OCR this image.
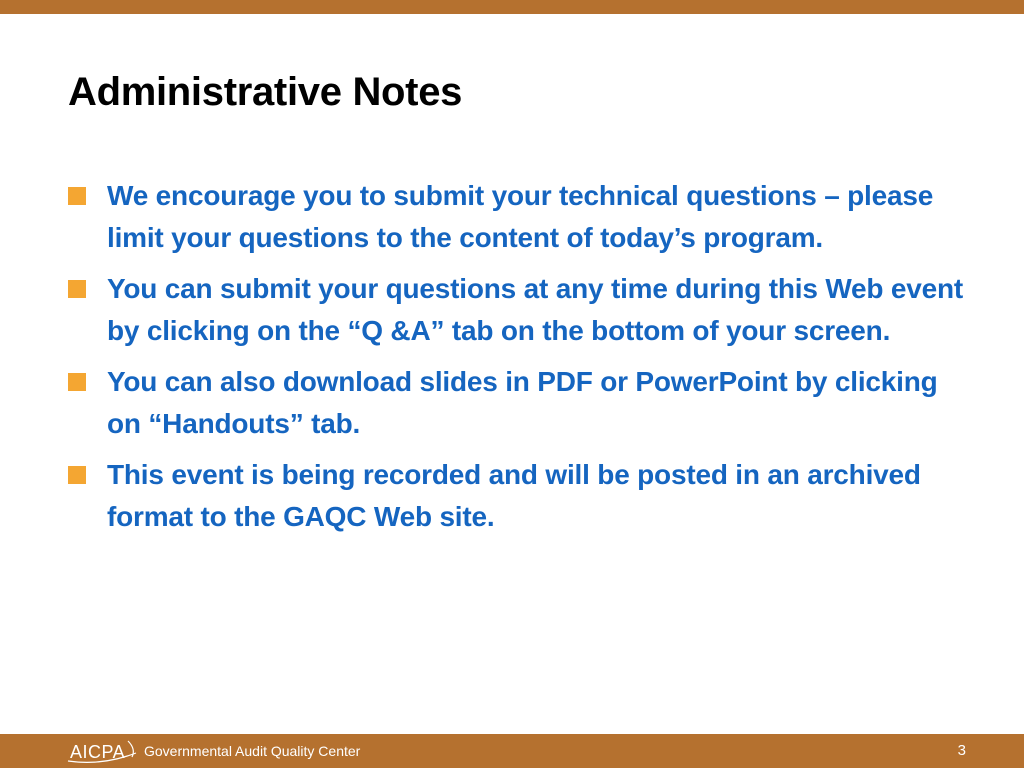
Administrative Notes
We encourage you to submit your technical questions – please limit your questions to the content of today’s program.
You can submit your questions at any time during this Web event by clicking on the “Q &A” tab on the bottom of your screen.
You can also download slides in PDF or PowerPoint by clicking on “Handouts” tab.
This event is being recorded and will be posted in an archived format to the GAQC Web site.
AICPA Governmental Audit Quality Center	3
